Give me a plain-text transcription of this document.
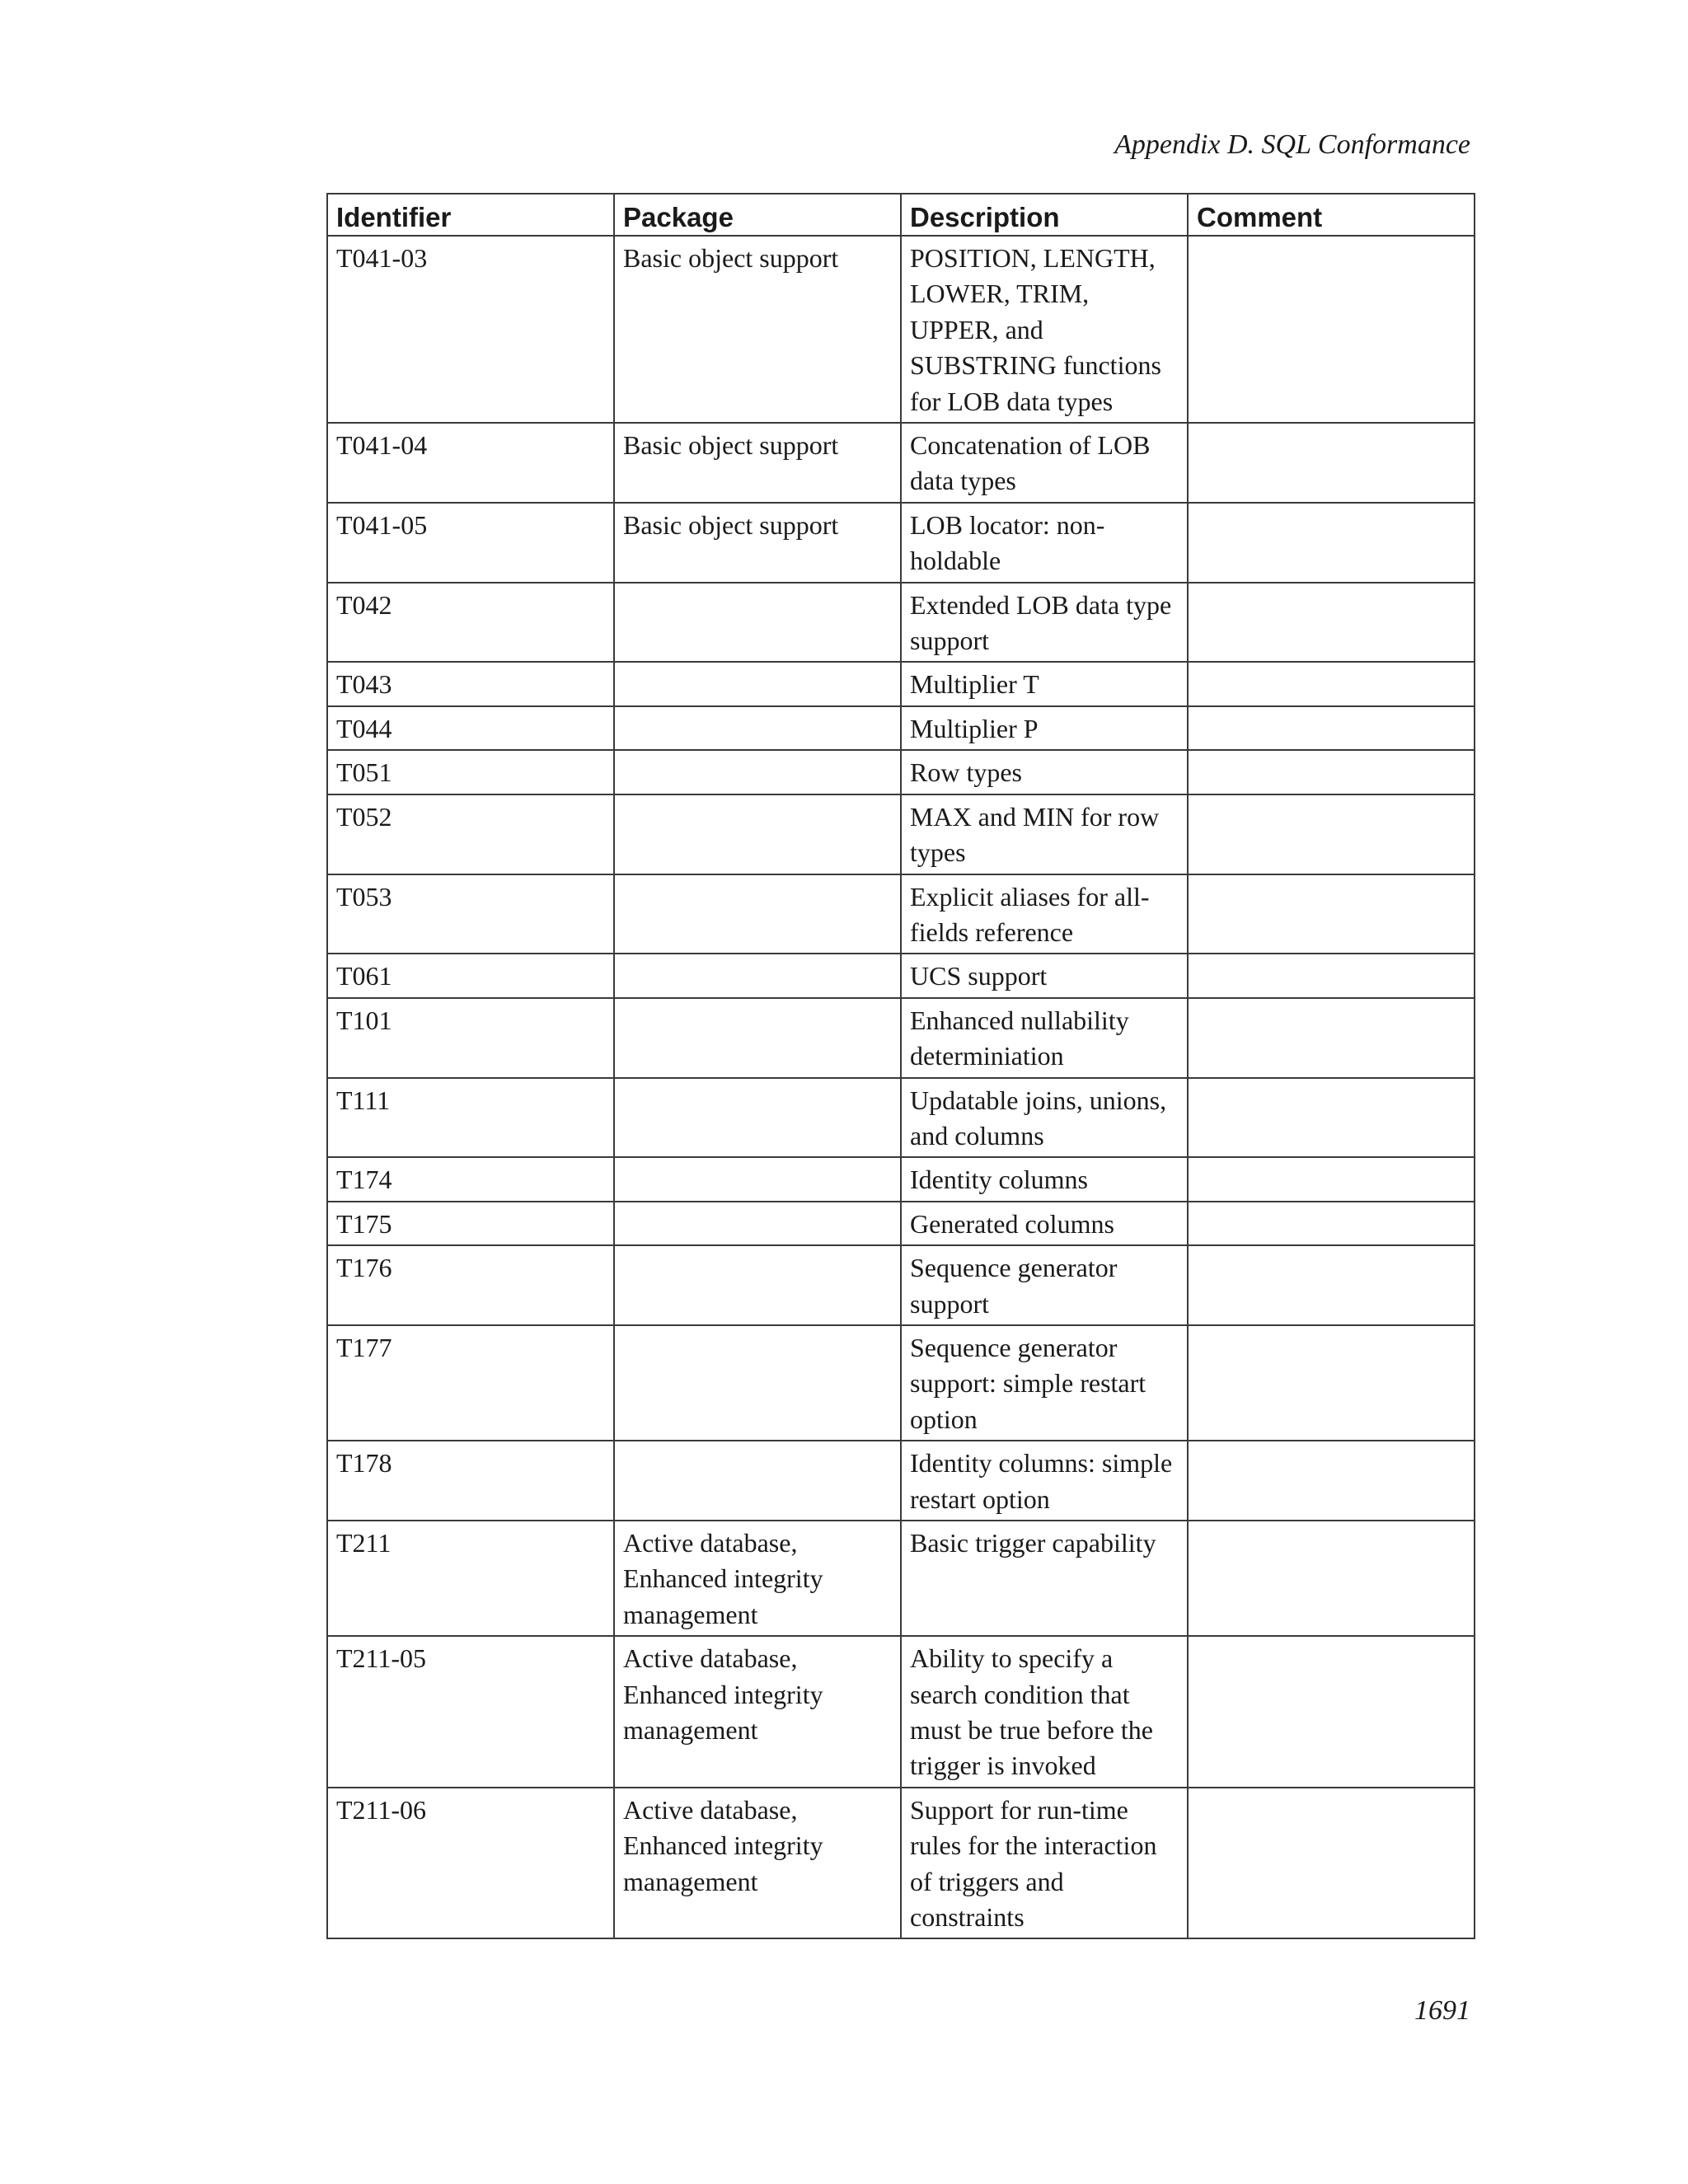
Appendix D. SQL Conformance
Identifier	Package	Description	Comment
T041-03	Basic object support	POSITION, LENGTH, LOWER, TRIM, UPPER, and SUBSTRING functions for LOB data types	
T041-04	Basic object support	Concatenation of LOB data types	
T041-05	Basic object support	LOB locator: non-holdable	
T042		Extended LOB data type support	
T043		Multiplier T	
T044		Multiplier P	
T051		Row types	
T052		MAX and MIN for row types	
T053		Explicit aliases for all-fields reference	
T061		UCS support	
T101		Enhanced nullability determiniation	
T111		Updatable joins, unions, and columns	
T174		Identity columns	
T175		Generated columns	
T176		Sequence generator support	
T177		Sequence generator support: simple restart option	
T178		Identity columns: simple restart option	
T211	Active database, Enhanced integrity management	Basic trigger capability	
T211-05	Active database, Enhanced integrity management	Ability to specify a search condition that must be true before the trigger is invoked	
T211-06	Active database, Enhanced integrity management	Support for run-time rules for the interaction of triggers and constraints	
1691
